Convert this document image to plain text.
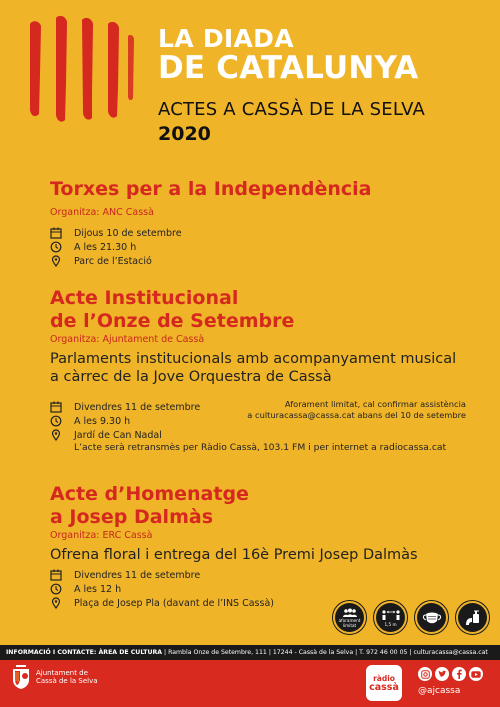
LA DIADA
DE CATALUNYA
ACTES A CASSÀ DE LA SELVA
2020
Torxes per a la Independència
Organitza: ANC Cassà
Dijous 10 de setembre
A les 21.30 h
Parc de l’Estació
Acte Institucional
de l’Onze de Setembre
Organitza: Ajuntament de Cassà
Parlaments institucionals amb acompanyament musical
a càrrec de la Jove Orquestra de Cassà
Divendres 11 de setembre
A les 9.30 h
Jardí de Can Nadal
Aforament limitat, cal confirmar assistència
a culturacassa@cassa.cat abans del 10 de setembre
L’acte serà retransmès per Ràdio Cassà, 103.1 FM i per internet a radiocassa.cat
Acte d’Homenatge
a Josep Dalmàs
Organitza: ERC Cassà
Ofrena floral i entrega del 16è Premi Josep Dalmàs
Divendres 11 de setembre
A les 12 h
Plaça de Josep Pla (davant de l’INS Cassà)
aforament
limitat	1,5 m
INFORMACIÓ I CONTACTE: ÀREA DE CULTURA | Rambla Onze de Setembre, 111 | 17244 - Cassà de la Selva | T. 972 46 00 05 | culturacassa@cassa.cat
Ajuntament de
Cassà de la Selva	ràdio
cassà @ajcassa
